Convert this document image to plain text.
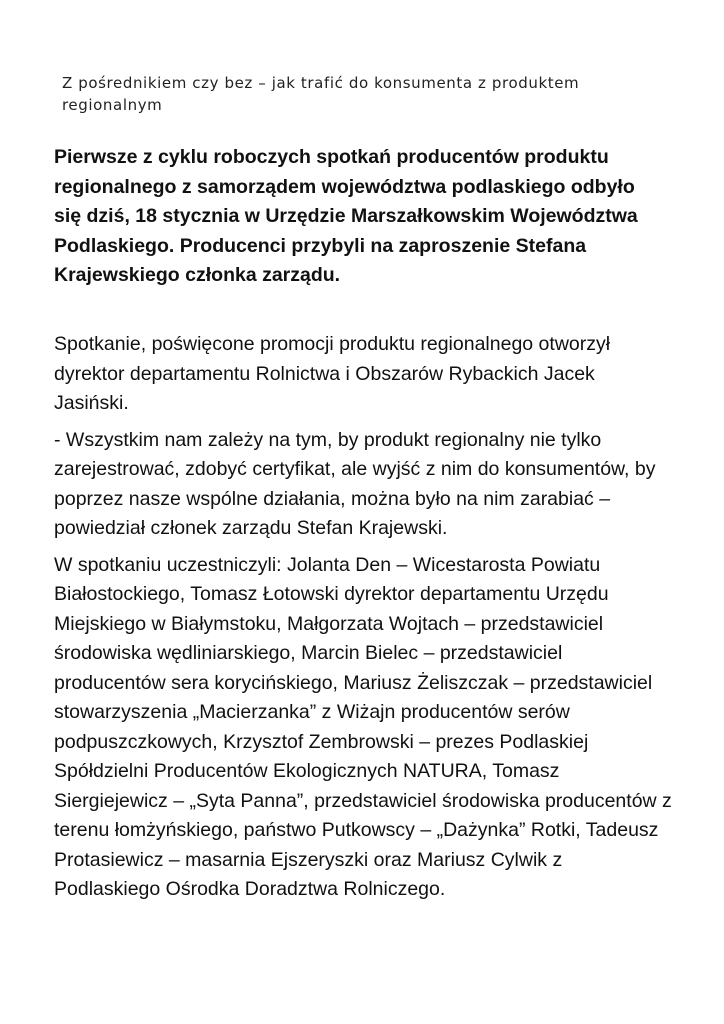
Z pośrednikiem czy bez – jak trafić do konsumenta z produktem regionalnym

Pierwsze z cyklu roboczych spotkań producentów produktu regionalnego z samorządem województwa podlaskiego odbyło się dziś, 18 stycznia w Urzędzie Marszałkowskim Województwa Podlaskiego. Producenci przybyli na zaproszenie Stefana Krajewskiego członka zarządu.

Spotkanie, poświęcone promocji produktu regionalnego otworzył dyrektor departamentu Rolnictwa i Obszarów Rybackich Jacek Jasiński.

- Wszystkim nam zależy na tym, by produkt regionalny nie tylko zarejestrować, zdobyć certyfikat, ale wyjść z nim do konsumentów, by poprzez nasze wspólne działania, można było na nim zarabiać – powiedział członek zarządu Stefan Krajewski.

W spotkaniu uczestniczyli: Jolanta Den – Wicestarosta Powiatu Białostockiego, Tomasz Łotowski dyrektor departamentu Urzędu Miejskiego w Białymstoku, Małgorzata Wojtach – przedstawiciel środowiska wędliniarskiego, Marcin Bielec – przedstawiciel producentów sera korycińskiego, Mariusz Żeliszczak – przedstawiciel stowarzyszenia „Macierzanka” z Wiżajn producentów serów podpuszczkowych, Krzysztof Zembrowski – prezes Podlaskiej Spółdzielni Producentów Ekologicznych NATURA, Tomasz Siergiejewicz – „Syta Panna”, przedstawiciel środowiska producentów z terenu łomżyńskiego, państwo Putkowscy – „Dażynka” Rotki, Tadeusz Protasiewicz – masarnia Ejszeryszki oraz Mariusz Cylwik z Podlaskiego Ośrodka Doradztwa Rolniczego.
